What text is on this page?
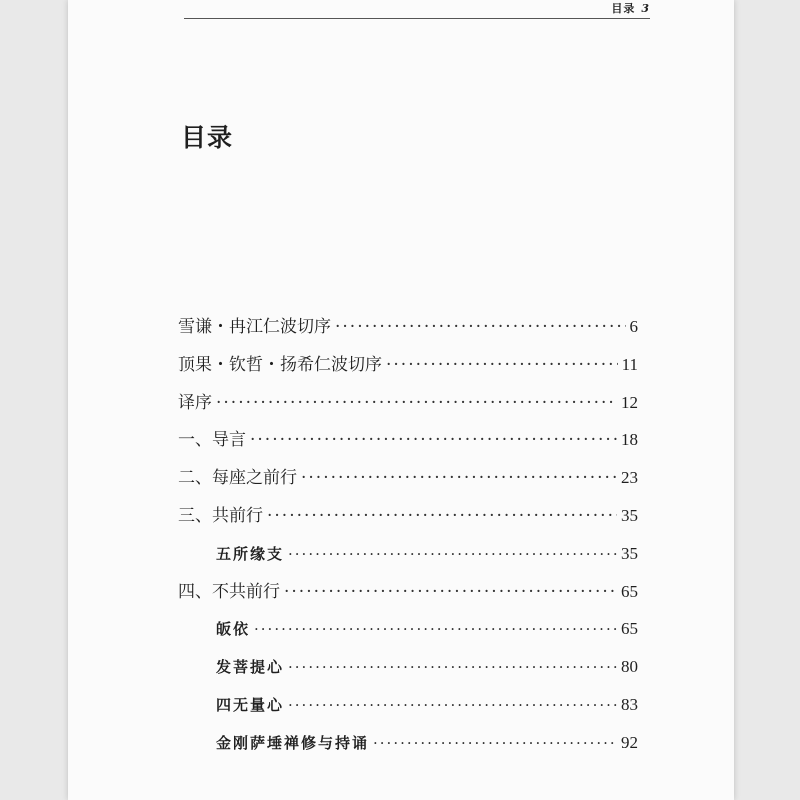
目录 3
目录
雪谦・冉江仁波切序 ·····	6
顶果・钦哲・扬希仁波切序 ·····	11
译序 ·····	12
一、导言 ·····	18
二、每座之前行 ·····	23
三、共前行 ·····	35
五所缘支 ·····	35
四、不共前行 ·····	65
皈依 ·····	65
发菩提心 ·····	80
四无量心 ·····	83
金刚萨埵禅修与持诵 ·····	92
